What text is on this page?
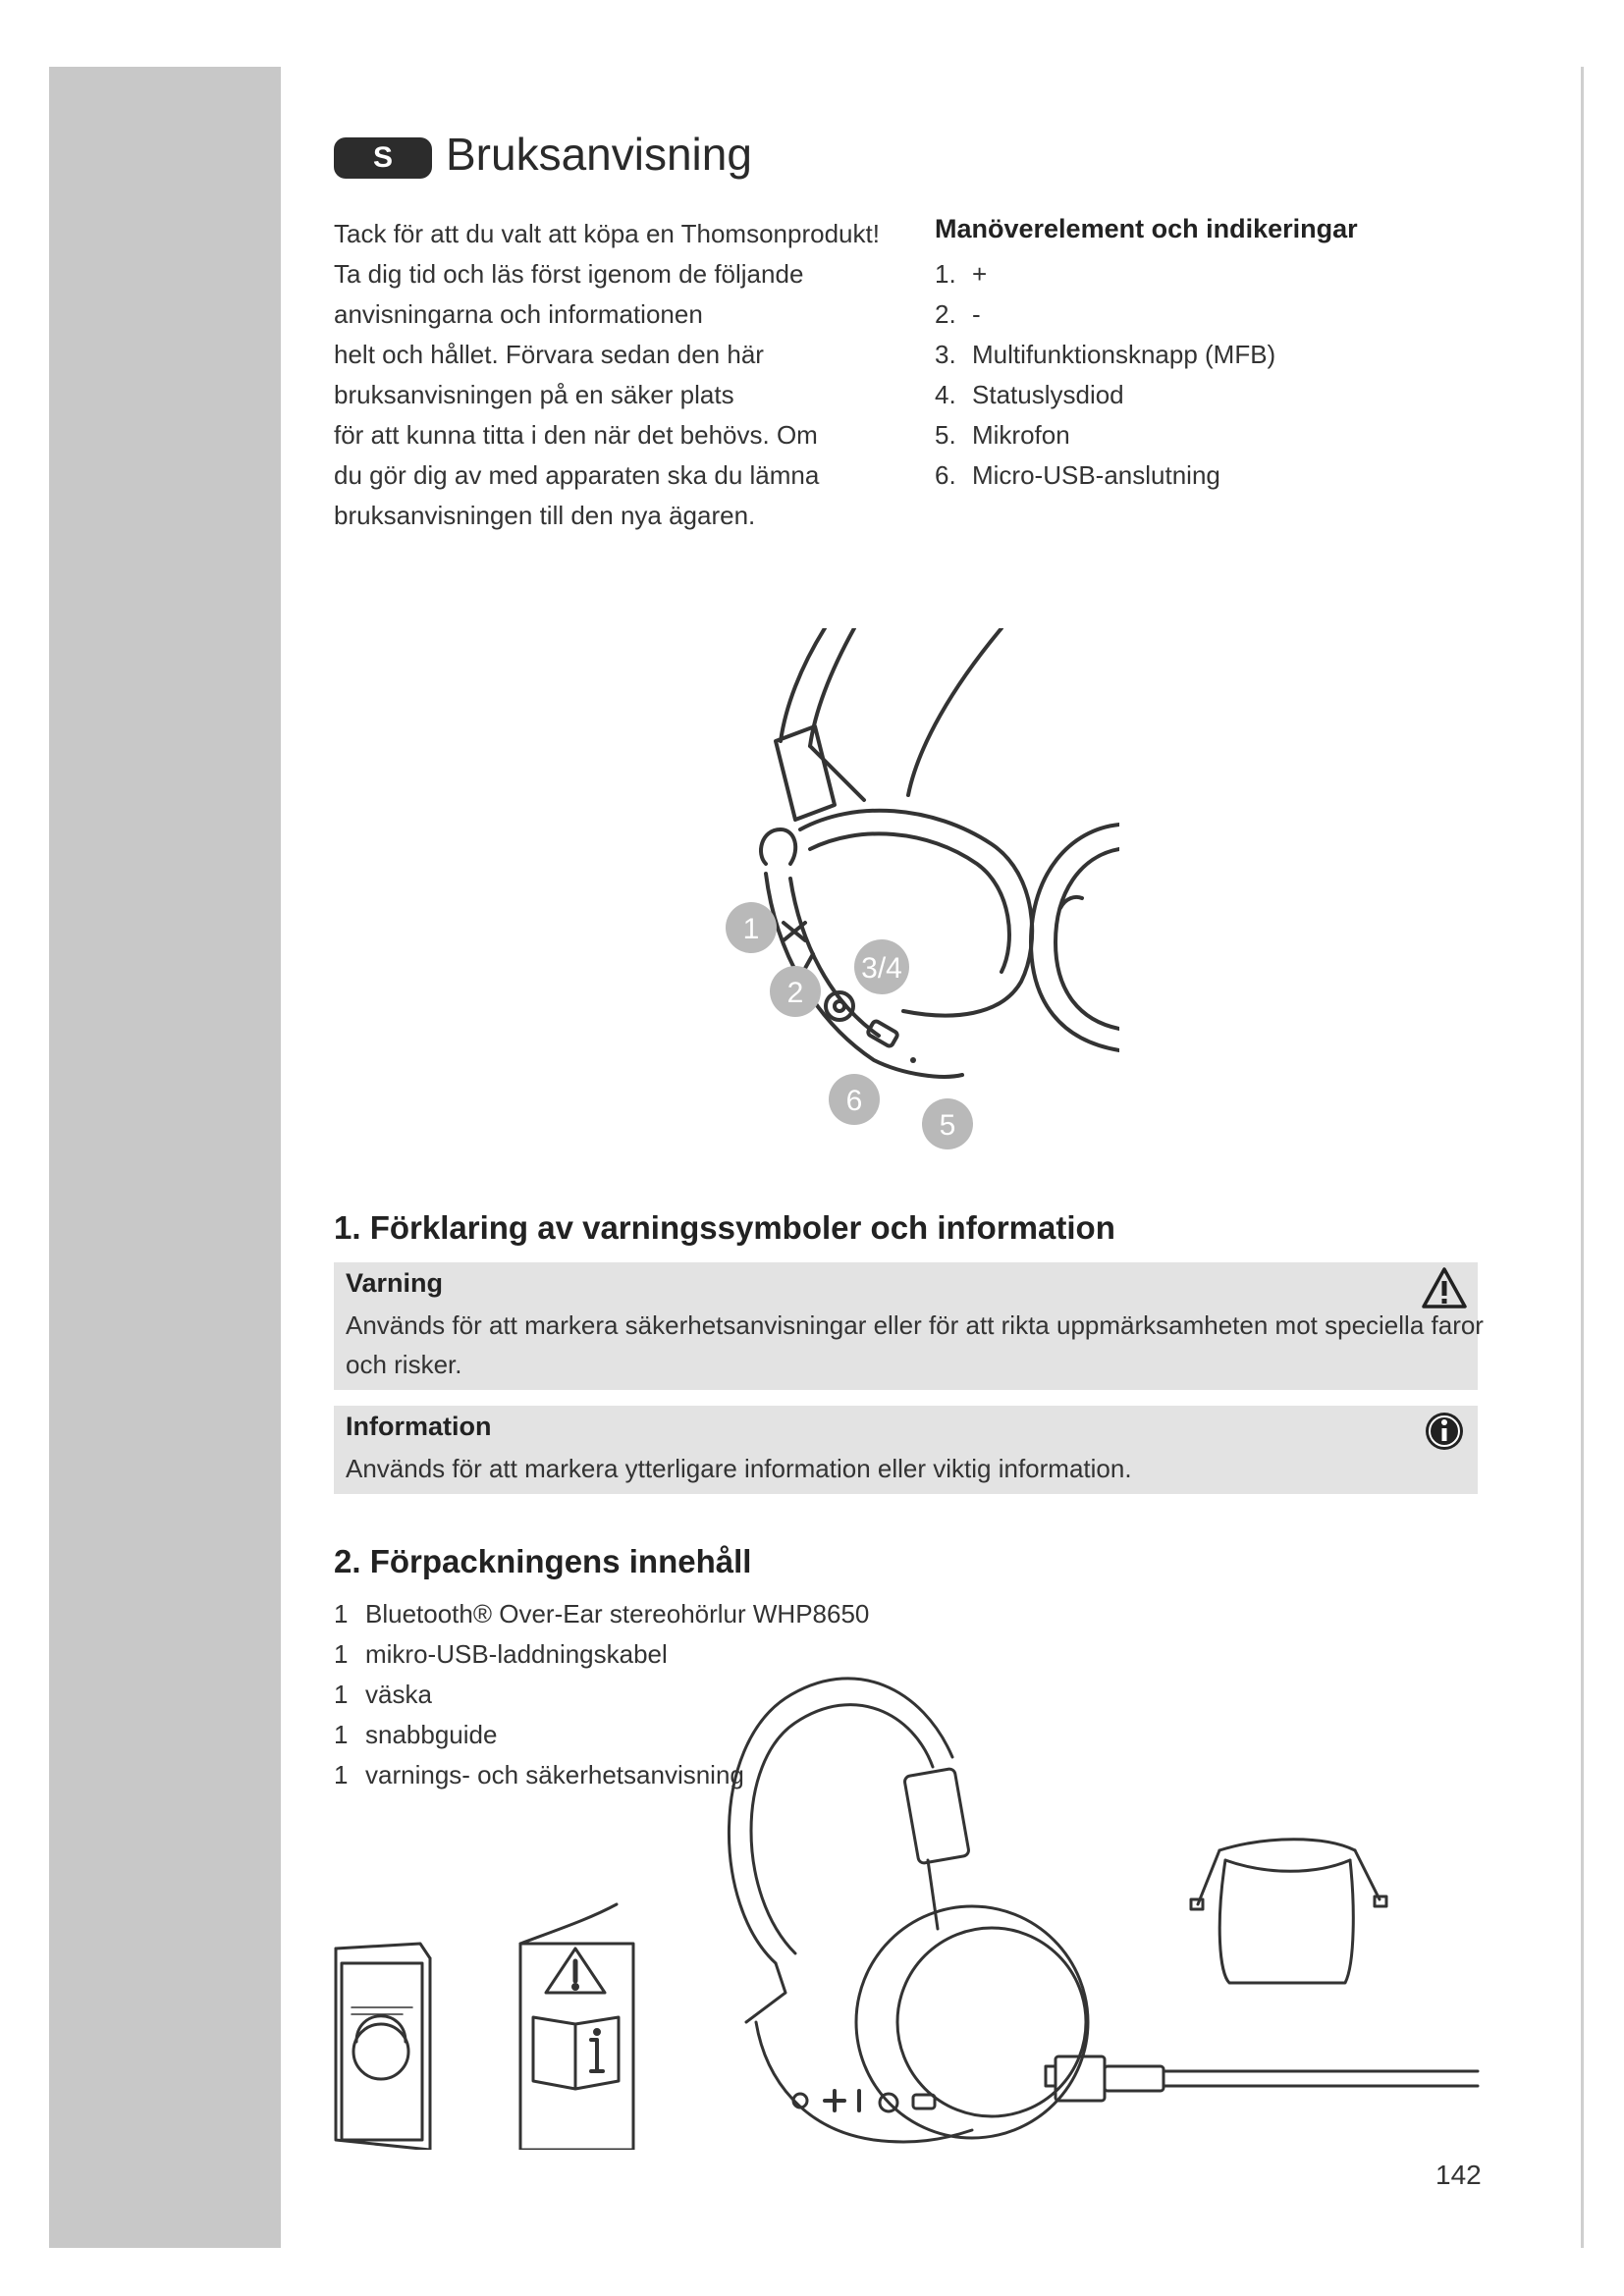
S	Bruksanvisning
Tack för att du valt att köpa en Thomsonprodukt!
Ta dig tid och läs först igenom de följande
anvisningarna och informationen
helt och hållet. Förvara sedan den här
bruksanvisningen på en säker plats
för att kunna titta i den när det behövs. Om
du gör dig av med apparaten ska du lämna
bruksanvisningen till den nya ägaren.
Manöverelement och indikeringar
1. +
2. -
3. Multifunktionsknapp (MFB)
4. Statuslysdiod
5. Mikrofon
6. Micro-USB-anslutning
1
2
3/4
6
5
1. Förklaring av varningssymboler och information
Varning
Används för att markera säkerhetsanvisningar eller för att rikta uppmärksamheten mot speciella faror
och risker.
Information
Används för att markera ytterligare information eller viktig information.
2. Förpackningens innehåll
1 Bluetooth® Over-Ear stereohörlur WHP8650
1 mikro-USB-laddningskabel
1 väska
1 snabbguide
1 varnings- och säkerhetsanvisning
142
